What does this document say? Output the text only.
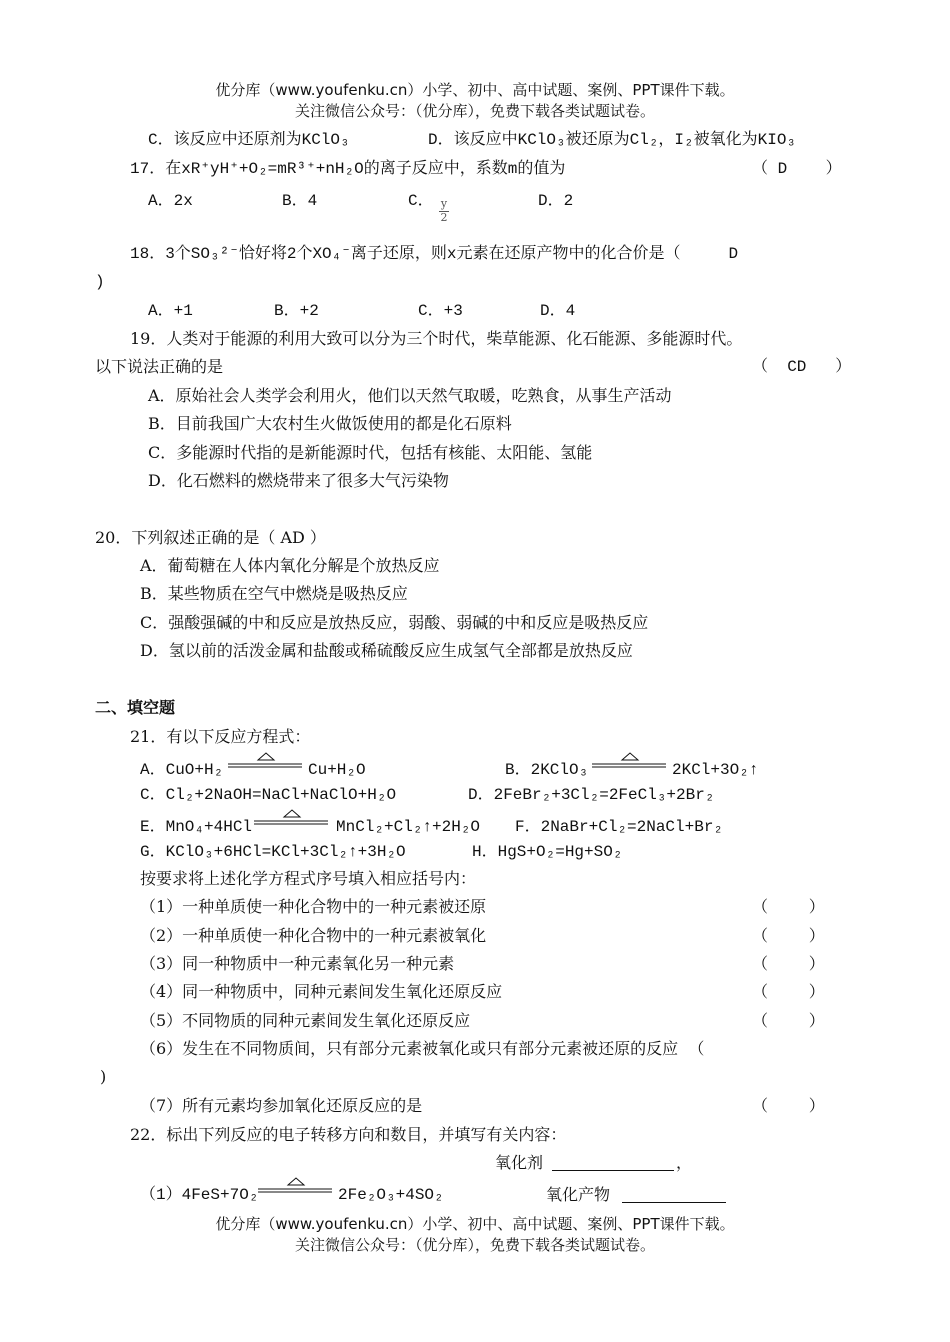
优分库（www.youfenku.cn）小学、初中、高中试题、案例、PPT课件下载。
关注微信公众号：（优分库），免费下载各类试题试卷。
C．该反应中还原剂为KClO₃	D．该反应中KClO₃被还原为Cl₂，I₂被氧化为KIO₃
17．在xR⁺yH⁺+O₂=mR³⁺+nH₂O的离子反应中，系数m的值为	（ D    ）
A．2x	B．4	C． y
2
D．2
18．3个SO₃²⁻恰好将2个XO₄⁻离子还原，则x元素在还原产物中的化合价是（     D
)
A．+1	B．+2	C．+3	D．4
19．人类对于能源的利用大致可以分为三个时代，柴草能源、化石能源、多能源时代。
以下说法正确的是	（  CD   ）
A．原始社会人类学会利用火，他们以天然气取暖，吃熟食，从事生产活动
B．目前我国广大农村生火做饭使用的都是化石原料
C．多能源时代指的是新能源时代，包括有核能、太阳能、氢能
D．化石燃料的燃烧带来了很多大气污染物
20．下列叙述正确的是（ AD ）
A．葡萄糖在人体内氧化分解是个放热反应
B．某些物质在空气中燃烧是吸热反应
C．强酸强碱的中和反应是放热反应，弱酸、弱碱的中和反应是吸热反应
D．氢以前的活泼金属和盐酸或稀硫酸反应生成氢气全部都是放热反应
二、填空题
21．有以下反应方程式：
A．CuO+H₂	Cu+H₂O	B．2KClO₃	2KCl+3O₂↑
C．Cl₂+2NaOH=NaCl+NaClO+H₂O	D．2FeBr₂+3Cl₂=2FeCl₃+2Br₂
E．MnO₄+4HCl	MnCl₂+Cl₂↑+2H₂O F．2NaBr+Cl₂=2NaCl+Br₂
G．KClO₃+6HCl=KCl+3Cl₂↑+3H₂O	H．HgS+O₂=Hg+SO₂
按要求将上述化学方程式序号填入相应括号内：
（1）一种单质使一种化合物中的一种元素被还原	（        ）
（2）一种单质使一种化合物中的一种元素被氧化	（        ）
（3）同一种物质中一种元素氧化另一种元素	（        ）
（4）同一种物质中，同种元素间发生氧化还原反应	（        ）
（5）不同物质的同种元素间发生氧化还原反应	（        ）
（6）发生在不同物质间，只有部分元素被氧化或只有部分元素被还原的反应  （
)
（7）所有元素均参加氧化还原反应的是	（        ）
22．标出下列反应的电子转移方向和数目，并填写有关内容：
氧化剂	，
（1）4FeS+7O₂	2Fe₂O₃+4SO₂	氧化产物
优分库（www.youfenku.cn）小学、初中、高中试题、案例、PPT课件下载。
关注微信公众号：（优分库），免费下载各类试题试卷。
